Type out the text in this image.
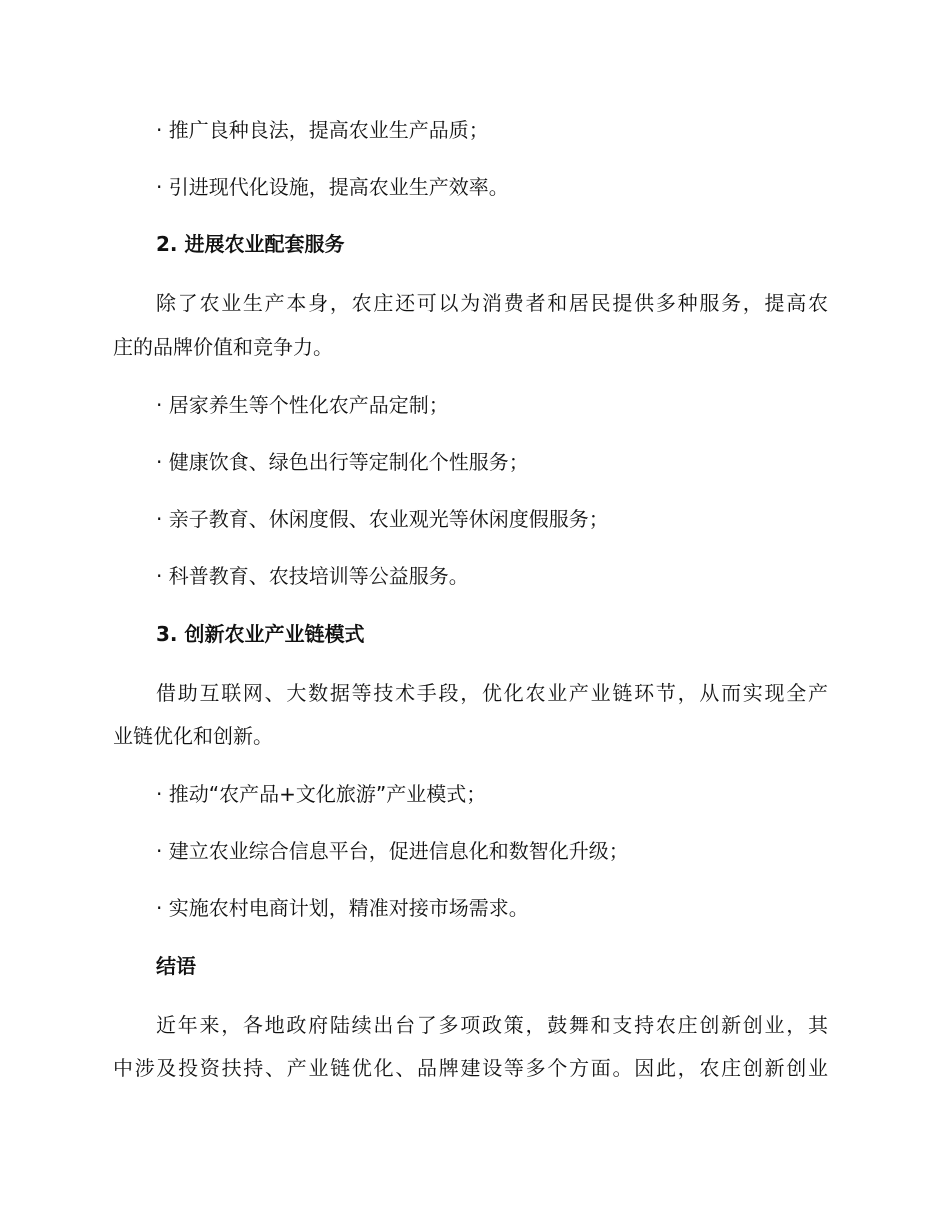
· 推广良种良法，提高农业生产品质；
· 引进现代化设施，提高农业生产效率。
2. 进展农业配套服务
除了农业生产本身，农庄还可以为消费者和居民提供多种服务，提高农
庄的品牌价值和竞争力。
· 居家养生等个性化农产品定制；
· 健康饮食、绿色出行等定制化个性服务；
· 亲子教育、休闲度假、农业观光等休闲度假服务；
· 科普教育、农技培训等公益服务。
3. 创新农业产业链模式
借助互联网、大数据等技术手段，优化农业产业链环节，从而实现全产
业链优化和创新。
· 推动“农产品+文化旅游”产业模式；
· 建立农业综合信息平台，促进信息化和数智化升级；
· 实施农村电商计划，精准对接市场需求。
结语
近年来，各地政府陆续出台了多项政策，鼓舞和支持农庄创新创业，其
中涉及投资扶持、产业链优化、品牌建设等多个方面。因此，农庄创新创业
